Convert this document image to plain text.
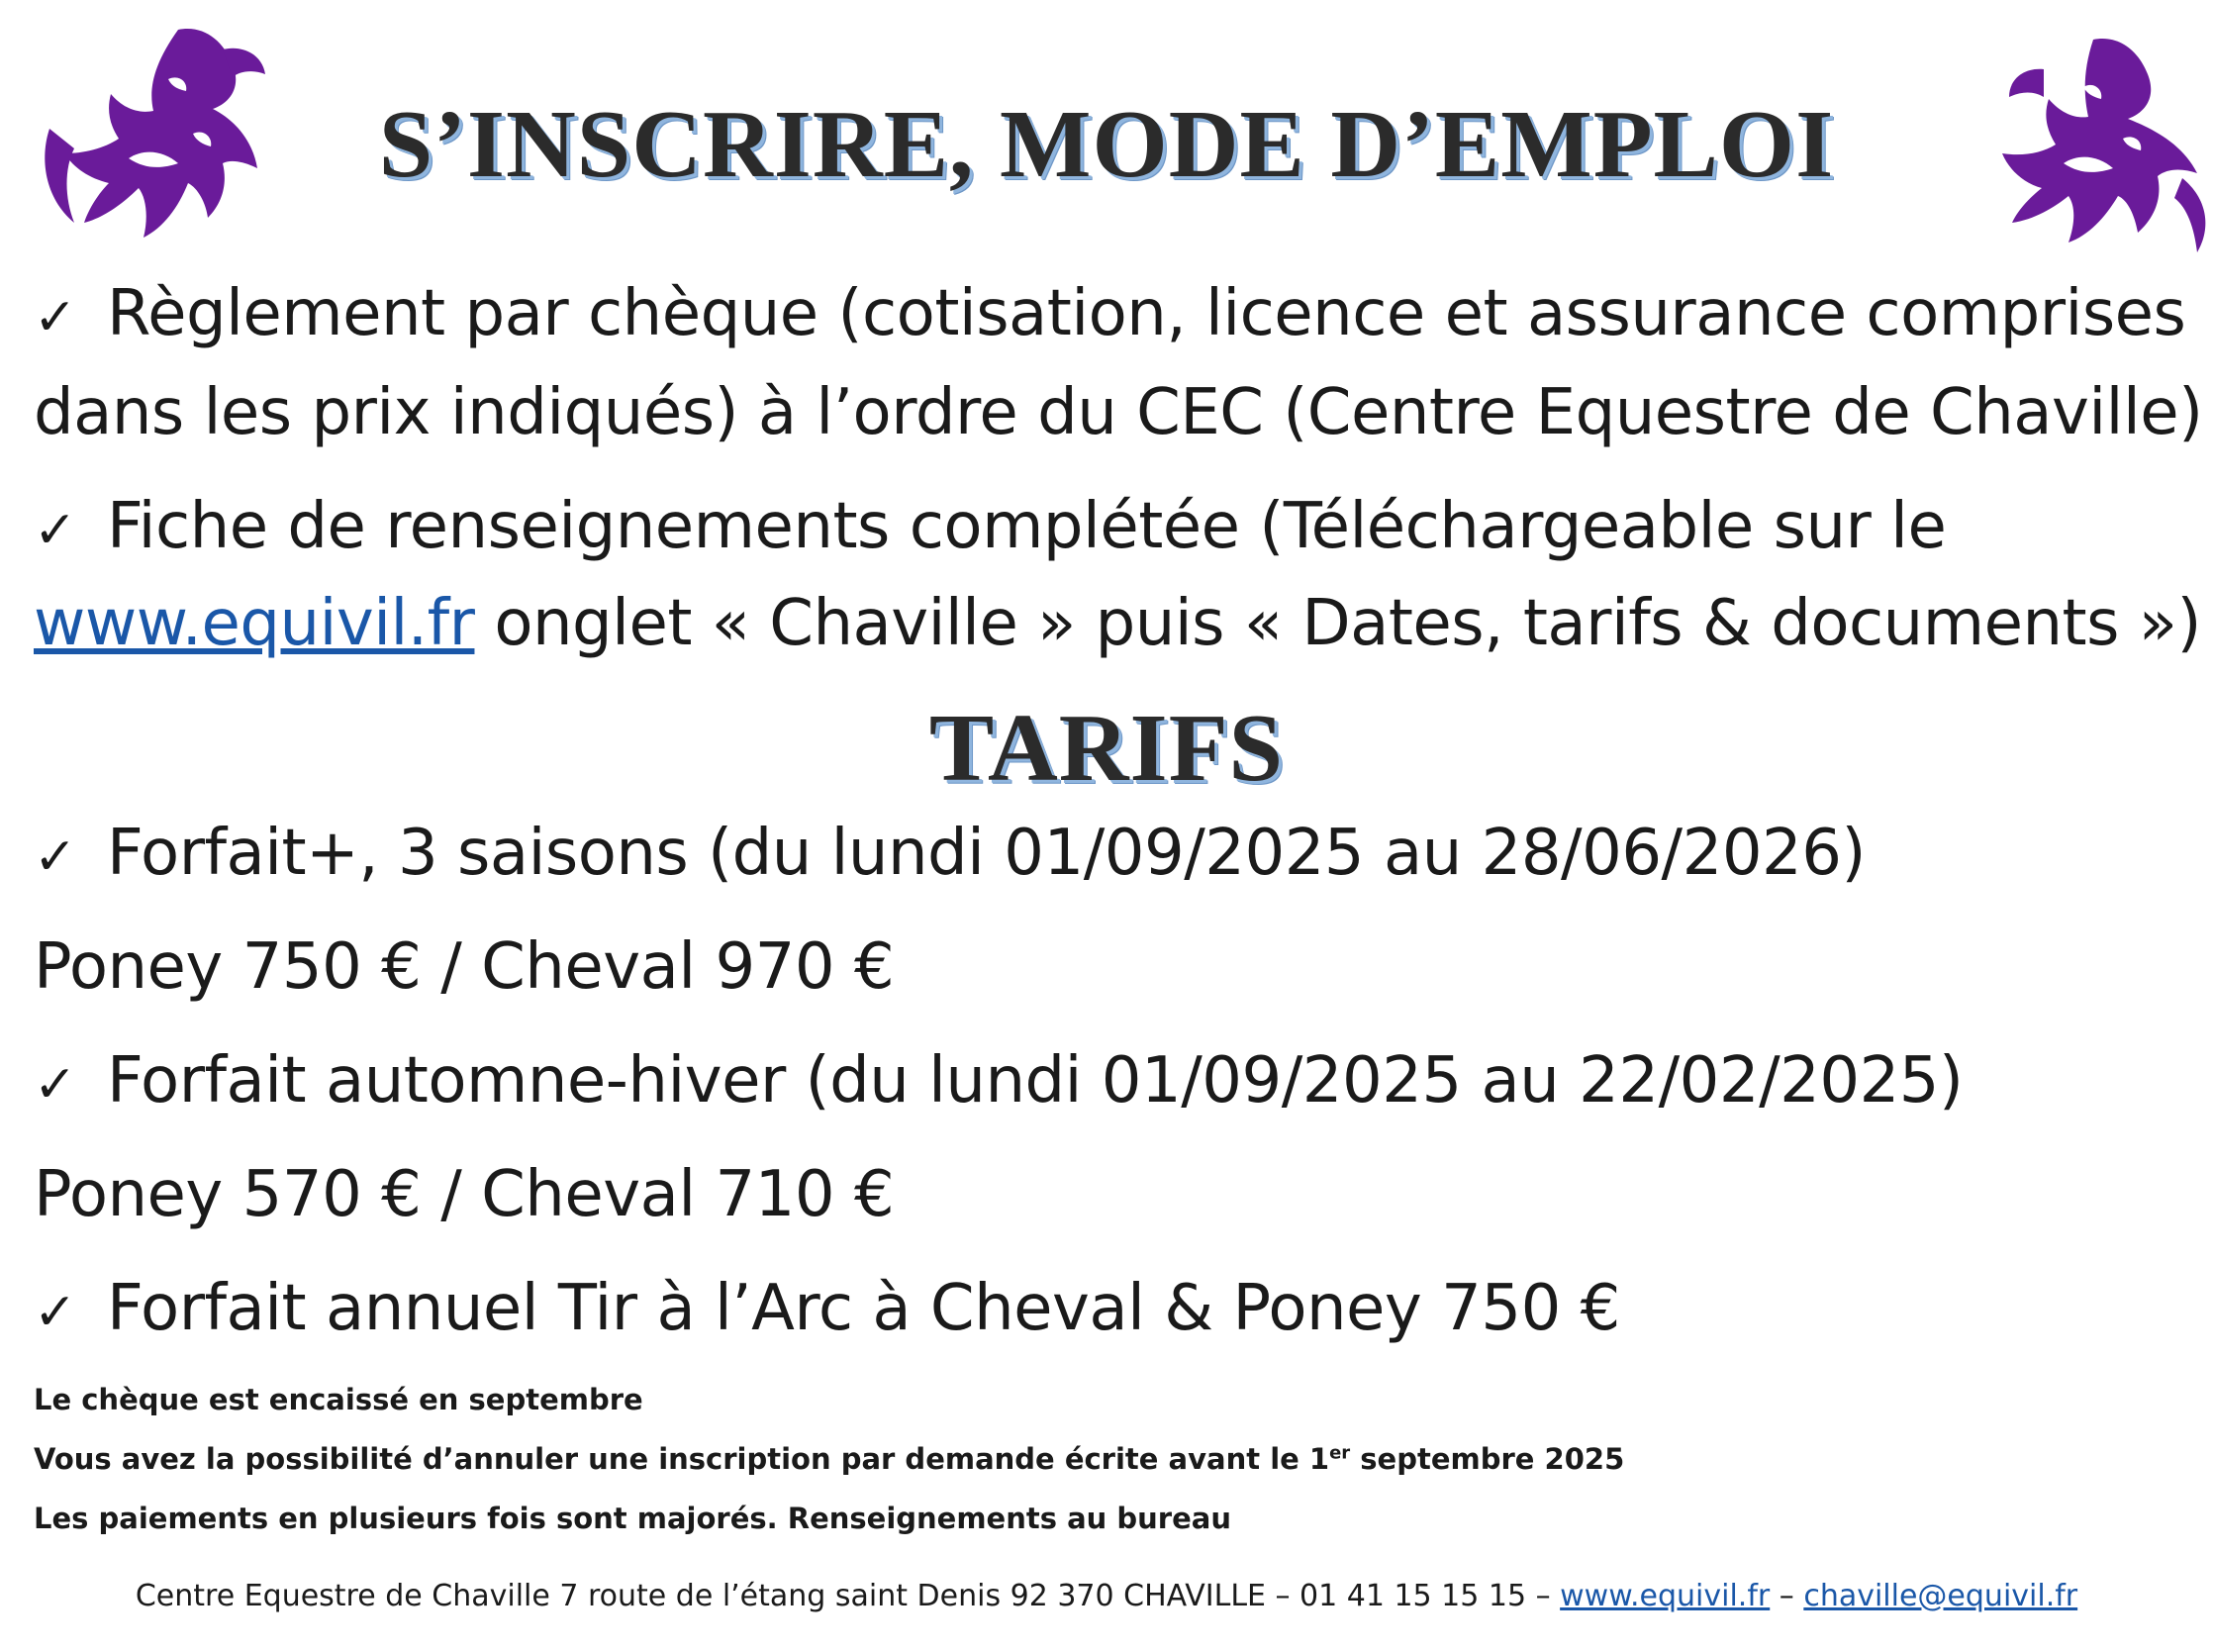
S’INSCRIRE, MODE D’EMPLOI
✓ Règlement par chèque (cotisation, licence et assurance comprises
dans les prix indiqués) à l’ordre du CEC (Centre Equestre de Chaville)
✓ Fiche de renseignements complétée (Téléchargeable sur le
www.equivil.fr onglet « Chaville » puis « Dates, tarifs & documents »)
TARIFS
✓ Forfait+, 3 saisons (du lundi 01/09/2025 au 28/06/2026)
Poney 750 € / Cheval 970 €
✓ Forfait automne-hiver (du lundi 01/09/2025 au 22/02/2025)
Poney 570 € / Cheval 710 €
✓ Forfait annuel Tir à l’Arc à Cheval & Poney 750 €
Le chèque est encaissé en septembre
Vous avez la possibilité d’annuler une inscription par demande écrite avant le 1er septembre 2025
Les paiements en plusieurs fois sont majorés. Renseignements au bureau
Centre Equestre de Chaville 7 route de l’étang saint Denis 92 370 CHAVILLE – 01 41 15 15 15 – www.equivil.fr – chaville@equivil.fr
